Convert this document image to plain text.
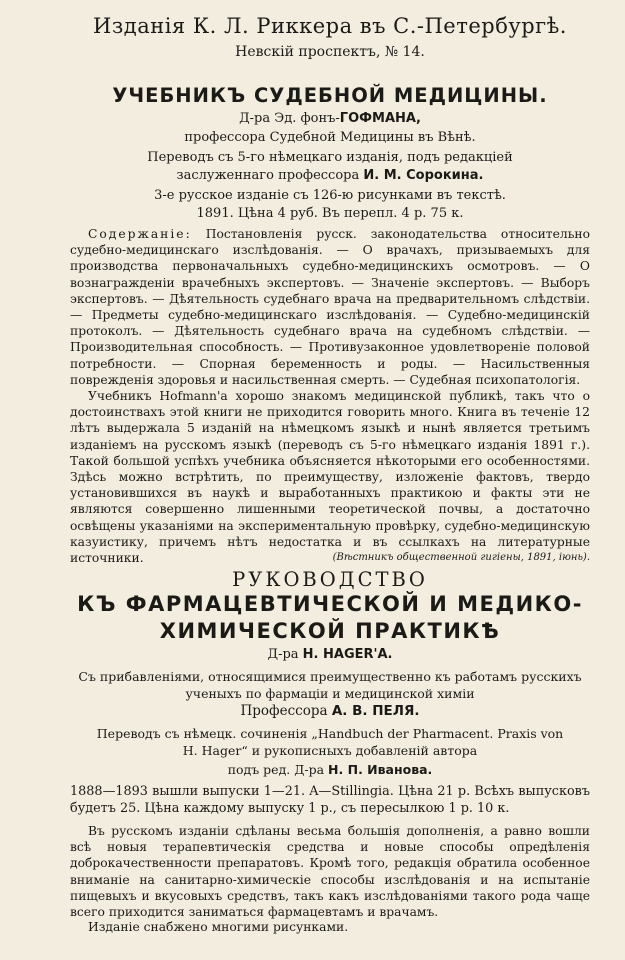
Изданія К. Л. Риккера въ С.-Петербургѣ.
Невскій проспектъ, № 14.
УЧЕБНИКЪ СУДЕБНОЙ МЕДИЦИНЫ.
Д-ра Эд. фонъ-ГОФМАНА,
профессора Судебной Медицины въ Вѣнѣ.
Переводъ съ 5-го нѣмецкаго изданія, подъ редакціей
заслуженнаго профессора И. М. Сорокина.
3-е русское изданіе съ 126-ю рисунками въ текстѣ.
1891. Цѣна 4 руб. Въ перепл. 4 р. 75 к.

Содержаніе: Постановленія русск. законодательства относительно судебно-медицинскаго изслѣдованія. — О врачахъ, призываемыхъ для производства первоначальныхъ судебно-медицинскихъ осмотровъ. — О вознагражденіи врачебныхъ экспертовъ. — Значеніе экспертовъ. — Выборъ экспертовъ. — Дѣятельность судебнаго врача на предварительномъ слѣдствіи. — Предметы судебно-медицинскаго изслѣдованія. — Судебно-медицинскій протоколъ. — Дѣятельность судебнаго врача на судебномъ слѣдствіи. — Производительная способность. — Противузаконное удовлетвореніе половой потребности. — Спорная беременность и роды. — Насильственныя поврежденія здоровья и насильственная смерть. — Судебная психопатологія.

Учебникъ Hofmann'а хорошо знакомъ медицинской публикѣ, такъ что о достоинствахъ этой книги не приходится говорить много. Книга въ теченіе 12 лѣтъ выдержала 5 изданій на нѣмецкомъ языкѣ и нынѣ является третьимъ изданіемъ на русскомъ языкѣ (переводъ съ 5-го нѣмецкаго изданія 1891 г.). Такой большой успѣхъ учебника объясняется нѣкоторыми его особенностями. Здѣсь можно встрѣтить, по преимуществу, изложеніе фактовъ, твердо установившихся въ наукѣ и выработанныхъ практикою и факты эти не являются совершенно лишенными теоретической почвы, а достаточно освѣщены указаніями на экспериментальную провѣрку, судебно-медицинскую казуистику, причемъ нѣтъ недостатка и въ ссылкахъ на литературные источники.	(Вѣстникъ общественной гигіены, 1891, іюнь).

РУКОВОДСТВО
КЪ ФАРМАЦЕВТИЧЕСКОЙ И МЕДИКО-
ХИМИЧЕСКОЙ ПРАКТИКѢ
Д-ра Н. HAGER'А.
Съ прибавленіями, относящимися преимущественно къ работамъ русскихъ
ученыхъ по фармаціи и медицинской химіи
Профессора А. В. ПЕЛЯ.
Переводъ съ нѣмецк. сочиненія „Handbuch der Pharmacent. Praxis von
H. Hager“ и рукописныхъ добавленій автора
подъ ред. Д-ра Н. П. Иванова.

1888—1893 вышли выпуски 1—21. A—Stillingia. Цѣна 21 р. Всѣхъ выпусковъ будетъ 25. Цѣна каждому выпуску 1 р., съ пересылкою 1 р. 10 к.

Въ русскомъ изданіи сдѣланы весьма большія дополненія, а равно вошли всѣ новыя терапевтическія средства и новые способы опредѣленія доброкачественности препаратовъ. Кромѣ того, редакція обратила особенное вниманіе на санитарно-химическіе способы изслѣдованія и на испытаніе пищевыхъ и вкусовыхъ средствъ, такъ какъ изслѣдованіями такого рода чаще всего приходится заниматься фармацевтамъ и врачамъ.

Изданіе снабжено многими рисунками.
